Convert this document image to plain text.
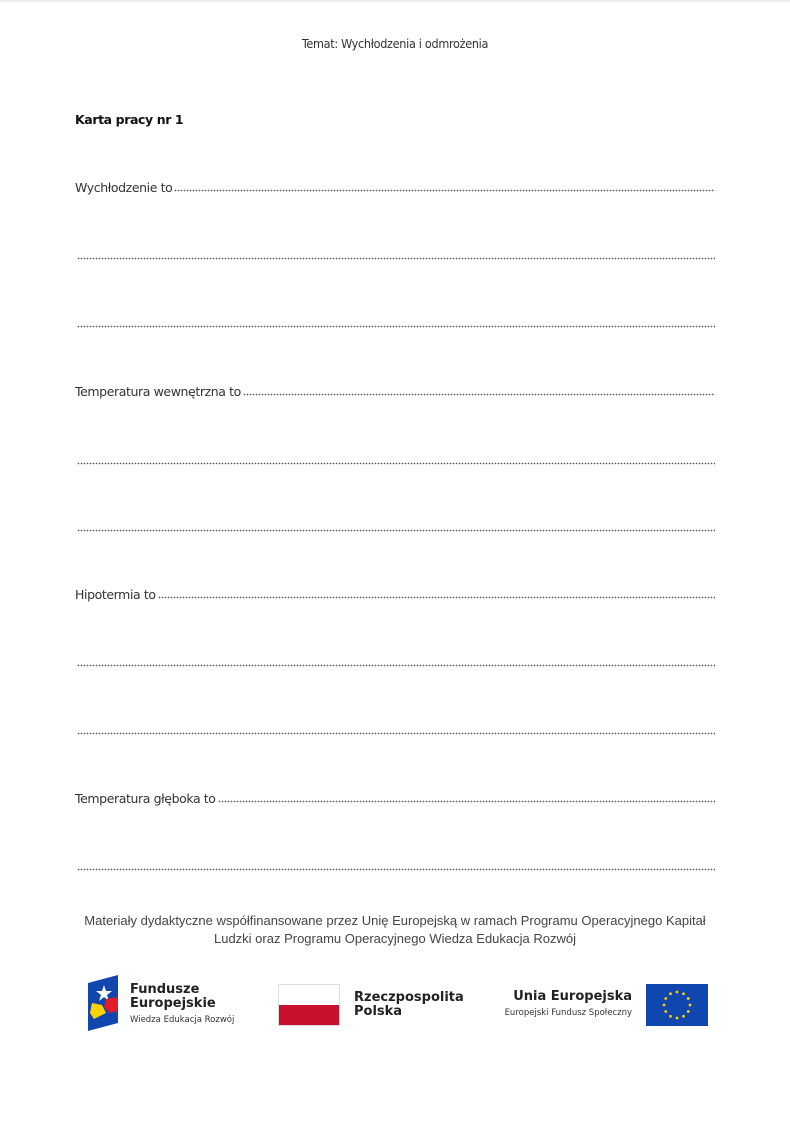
Temat: Wychłodzenia i odmrożenia
Karta pracy nr 1
Wychłodzenie to
Temperatura wewnętrzna to
Hipotermia to
Temperatura głęboka to
Materiały dydaktyczne współfinansowane przez Unię Europejską w ramach Programu Operacyjnego Kapitał Ludzki oraz Programu Operacyjnego Wiedza Edukacja Rozwój
Fundusze
Europejskie
Wiedza Edukacja Rozwój
Rzeczpospolita
Polska
Unia Europejska
Europejski Fundusz Społeczny
